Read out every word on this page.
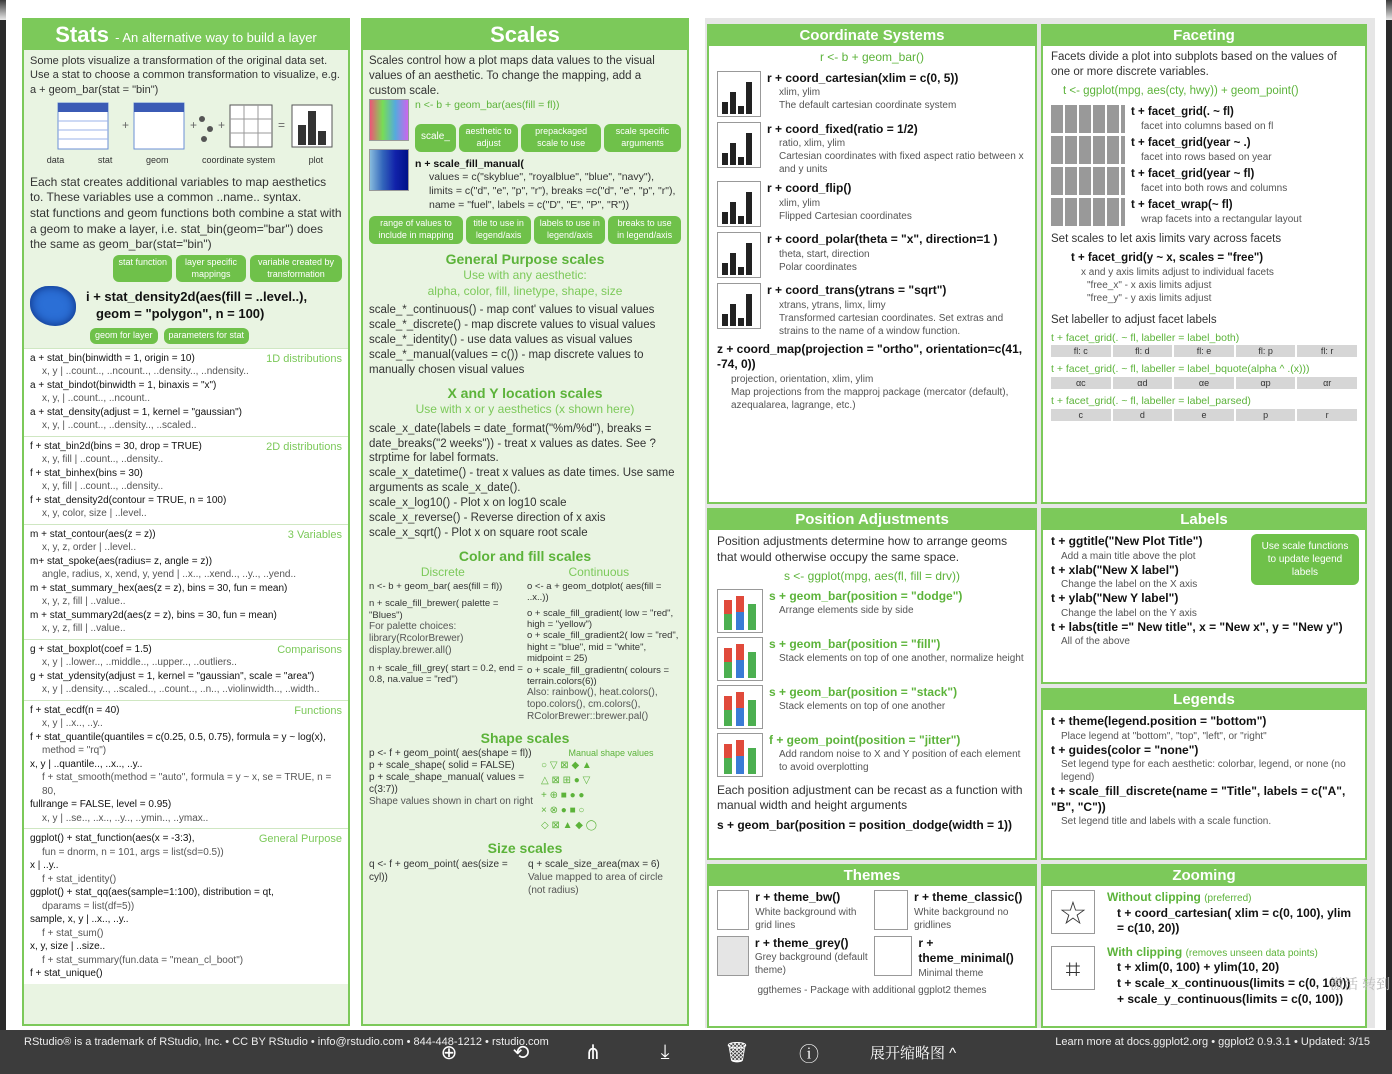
Stats - An alternative way to build a layer

Some plots visualize a transformation of the original data set. Use a stat to choose a common transformation to visualize, e.g. a + geom_bar(stat = "bin")

+	+ +	=
data	stat	geom	coordinate system	plot

Each stat creates additional variables to map aesthetics to. These variables use a common ..name.. syntax.

stat functions and geom functions both combine a stat with a geom to make a layer, i.e. stat_bin(geom="bar") does the same as geom_bar(stat="bin")

stat function	layer specific mappings
variable created by transformation
i + stat_density2d(aes(fill = ..level..),
geom = "polygon", n = 100)
geom for layer	parameters for stat
1D distributions
a + stat_bin(binwidth = 1, origin = 10)
x, y | ..count.., ..ncount.., ..density.., ..ndensity..
a + stat_bindot(binwidth = 1, binaxis = "x")
x, y, | ..count.., ..ncount..
a + stat_density(adjust = 1, kernel = "gaussian")
x, y, | ..count.., ..density.., ..scaled..
2D distributions
f + stat_bin2d(bins = 30, drop = TRUE)
x, y, fill | ..count.., ..density..
f + stat_binhex(bins = 30)
x, y, fill | ..count.., ..density..
f + stat_density2d(contour = TRUE, n = 100)
x, y, color, size | ..level..
3 Variables
m + stat_contour(aes(z = z))
x, y, z, order | ..level..
m+ stat_spoke(aes(radius= z, angle = z))
angle, radius, x, xend, y, yend | ..x.., ..xend.., ..y.., ..yend..
m + stat_summary_hex(aes(z = z), bins = 30, fun = mean)
x, y, z, fill | ..value..
m + stat_summary2d(aes(z = z), bins = 30, fun = mean)
x, y, z, fill | ..value..
Comparisons
g + stat_boxplot(coef = 1.5)
x, y | ..lower.., ..middle.., ..upper.., ..outliers..
g + stat_ydensity(adjust = 1, kernel = "gaussian", scale = "area")
x, y | ..density.., ..scaled.., ..count.., ..n.., ..violinwidth.., ..width..
Functions
f + stat_ecdf(n = 40)
x, y | ..x.., ..y..
f + stat_quantile(quantiles = c(0.25, 0.5, 0.75), formula = y ~ log(x),
method = "rq")
x, y | ..quantile.., ..x.., ..y..
f + stat_smooth(method = "auto", formula = y ~ x, se = TRUE, n = 80,
fullrange = FALSE, level = 0.95)
x, y | ..se.., ..x.., ..y.., ..ymin.., ..ymax..
General Purpose
ggplot() + stat_function(aes(x = -3:3),
fun = dnorm, n = 101, args = list(sd=0.5))
x | ..y..
f + stat_identity()
ggplot() + stat_qq(aes(sample=1:100), distribution = qt,
dparams = list(df=5))
sample, x, y | ..x.., ..y..
f + stat_sum()
x, y, size | ..size..
f + stat_summary(fun.data = "mean_cl_boot")
f + stat_unique()
Scales

Scales control how a plot maps data values to the visual values of an aesthetic. To change the mapping, add a custom scale.

n <- b + geom_bar(aes(fill = fl))
scale_	aesthetic to adjust
prepackaged scale to use
scale specific arguments
n + scale_fill_manual(
values = c("skyblue", "royalblue", "blue", "navy"),
limits = c("d", "e", "p", "r"), breaks =c("d", "e", "p", "r"),
name = "fuel", labels = c("D", "E", "P", "R"))
range of values to include in mapping
title to use in legend/axis
labels to use in legend/axis
breaks to use in legend/axis
General Purpose scales
Use with any aesthetic:
alpha, color, fill, linetype, shape, size
scale_*_continuous() - map cont' values to visual values
scale_*_discrete() - map discrete values to visual values
scale_*_identity() - use data values as visual values
scale_*_manual(values = c()) - map discrete values to manually chosen visual values
X and Y location scales
Use with x or y aesthetics (x shown here)
scale_x_date(labels = date_format("%m/%d"), breaks = date_breaks("2 weeks")) - treat x values as dates. See ?strptime for label formats.
scale_x_datetime() - treat x values as date times. Use same arguments as scale_x_date().
scale_x_log10() - Plot x on log10 scale
scale_x_reverse() - Reverse direction of x axis
scale_x_sqrt() - Plot x on square root scale
Color and fill scales
Discrete	Continuous
n <- b + geom_bar( aes(fill = fl))
n + scale_fill_brewer( palette = "Blues")
For palette choices: library(RcolorBrewer) display.brewer.all()
n + scale_fill_grey( start = 0.2, end = 0.8, na.value = "red")
o <- a + geom_dotplot( aes(fill = ..x..))
o + scale_fill_gradient( low = "red", high = "yellow")
o + scale_fill_gradient2( low = "red", hight = "blue", mid = "white", midpoint = 25)
o + scale_fill_gradientn( colours = terrain.colors(6))
Also: rainbow(), heat.colors(), topo.colors(), cm.colors(), RColorBrewer::brewer.pal()
Shape scales
p <- f + geom_point( aes(shape = fl))
p + scale_shape( solid = FALSE)
p + scale_shape_manual( values = c(3:7))
Shape values shown in chart on right
Manual shape values
○ ▽ ⊠ ◆ ▲
△ ⊠ ⊞ ● ▽
+ ⊕ ■ ● ●
× ⊗ ● ■ ○
◇ ⊠ ▲ ◆ ◯
Size scales
q <- f + geom_point( aes(size = cyl))
q + scale_size_area(max = 6)
Value mapped to area of circle (not radius)
Coordinate Systems
r <- b + geom_bar()
r + coord_cartesian(xlim = c(0, 5))
xlim, ylim
The default cartesian coordinate system
r + coord_fixed(ratio = 1/2)
ratio, xlim, ylim
Cartesian coordinates with fixed aspect ratio between x and y units
r + coord_flip()
xlim, ylim
Flipped Cartesian coordinates
r + coord_polar(theta = "x", direction=1 )
theta, start, direction
Polar coordinates
r + coord_trans(ytrans = "sqrt")
xtrans, ytrans, limx, limy
Transformed cartesian coordinates. Set extras and strains to the name of a window function.
z + coord_map(projection = "ortho", orientation=c(41, -74, 0))
projection, orientation, xlim, ylim
Map projections from the mapproj package (mercator (default), azequalarea, lagrange, etc.)
Faceting

Facets divide a plot into subplots based on the values of one or more discrete variables.

t <- ggplot(mpg, aes(cty, hwy)) + geom_point()
t + facet_grid(. ~ fl)
facet into columns based on fl
t + facet_grid(year ~ .)
facet into rows based on year
t + facet_grid(year ~ fl)
facet into both rows and columns
t + facet_wrap(~ fl)
wrap facets into a rectangular layout

Set scales to let axis limits vary across facets

t + facet_grid(y ~ x, scales = "free")
x and y axis limits adjust to individual facets
"free_x" - x axis limits adjust
"free_y" - y axis limits adjust

Set labeller to adjust facet labels

t + facet_grid(. ~ fl, labeller = label_both)
fl: c	fl: d	fl: e	fl: p	fl: r
t + facet_grid(. ~ fl, labeller = label_bquote(alpha ^ .(x)))
αc	αd	αe	αp	αr
t + facet_grid(. ~ fl, labeller = label_parsed)
c	d	e	p	r
Position Adjustments

Position adjustments determine how to arrange geoms that would otherwise occupy the same space.

s <- ggplot(mpg, aes(fl, fill = drv))
s + geom_bar(position = "dodge")
Arrange elements side by side
s + geom_bar(position = "fill")
Stack elements on top of one another, normalize height
s + geom_bar(position = "stack")
Stack elements on top of one another
f + geom_point(position = "jitter")
Add random noise to X and Y position of each element to avoid overplotting

Each position adjustment can be recast as a function with manual width and height arguments

s + geom_bar(position = position_dodge(width = 1))
Labels
t + ggtitle("New Plot Title")
Add a main title above the plot
t + xlab("New X label")
Change the label on the X axis
t + ylab("New Y label")
Change the label on the Y axis
t + labs(title =" New title", x = "New x", y = "New y")
All of the above
Use scale functions to update legend labels
Legends
t + theme(legend.position = "bottom")
Place legend at "bottom", "top", "left", or "right"
t + guides(color = "none")
Set legend type for each aesthetic: colorbar, legend, or none (no legend)
t + scale_fill_discrete(name = "Title", labels = c("A", "B", "C"))
Set legend title and labels with a scale function.
Themes
r + theme_bw()
White background with grid lines
r + theme_classic()
White background no gridlines
r + theme_grey()
Grey background (default theme)
r + theme_minimal()
Minimal theme
ggthemes - Package with additional ggplot2 themes
Zooming
☆
⌗
Without clipping (preferred)
t + coord_cartesian( xlim = c(0, 100), ylim = c(10, 20))
With clipping (removes unseen data points)
t + xlim(0, 100) + ylim(10, 20)
t + scale_x_continuous(limits = c(0, 100)) + scale_y_continuous(limits = c(0, 100))
激活 转到
RStudio® is a trademark of RStudio, Inc. • CC BY RStudio • info@rstudio.com • 844-448-1212 • rstudio.com	Learn more at docs.ggplot2.org • ggplot2 0.9.3.1 • Updated: 3/15
⊕	⟲	⋔	⤓	🗑	ⓘ	展开缩略图 ^
